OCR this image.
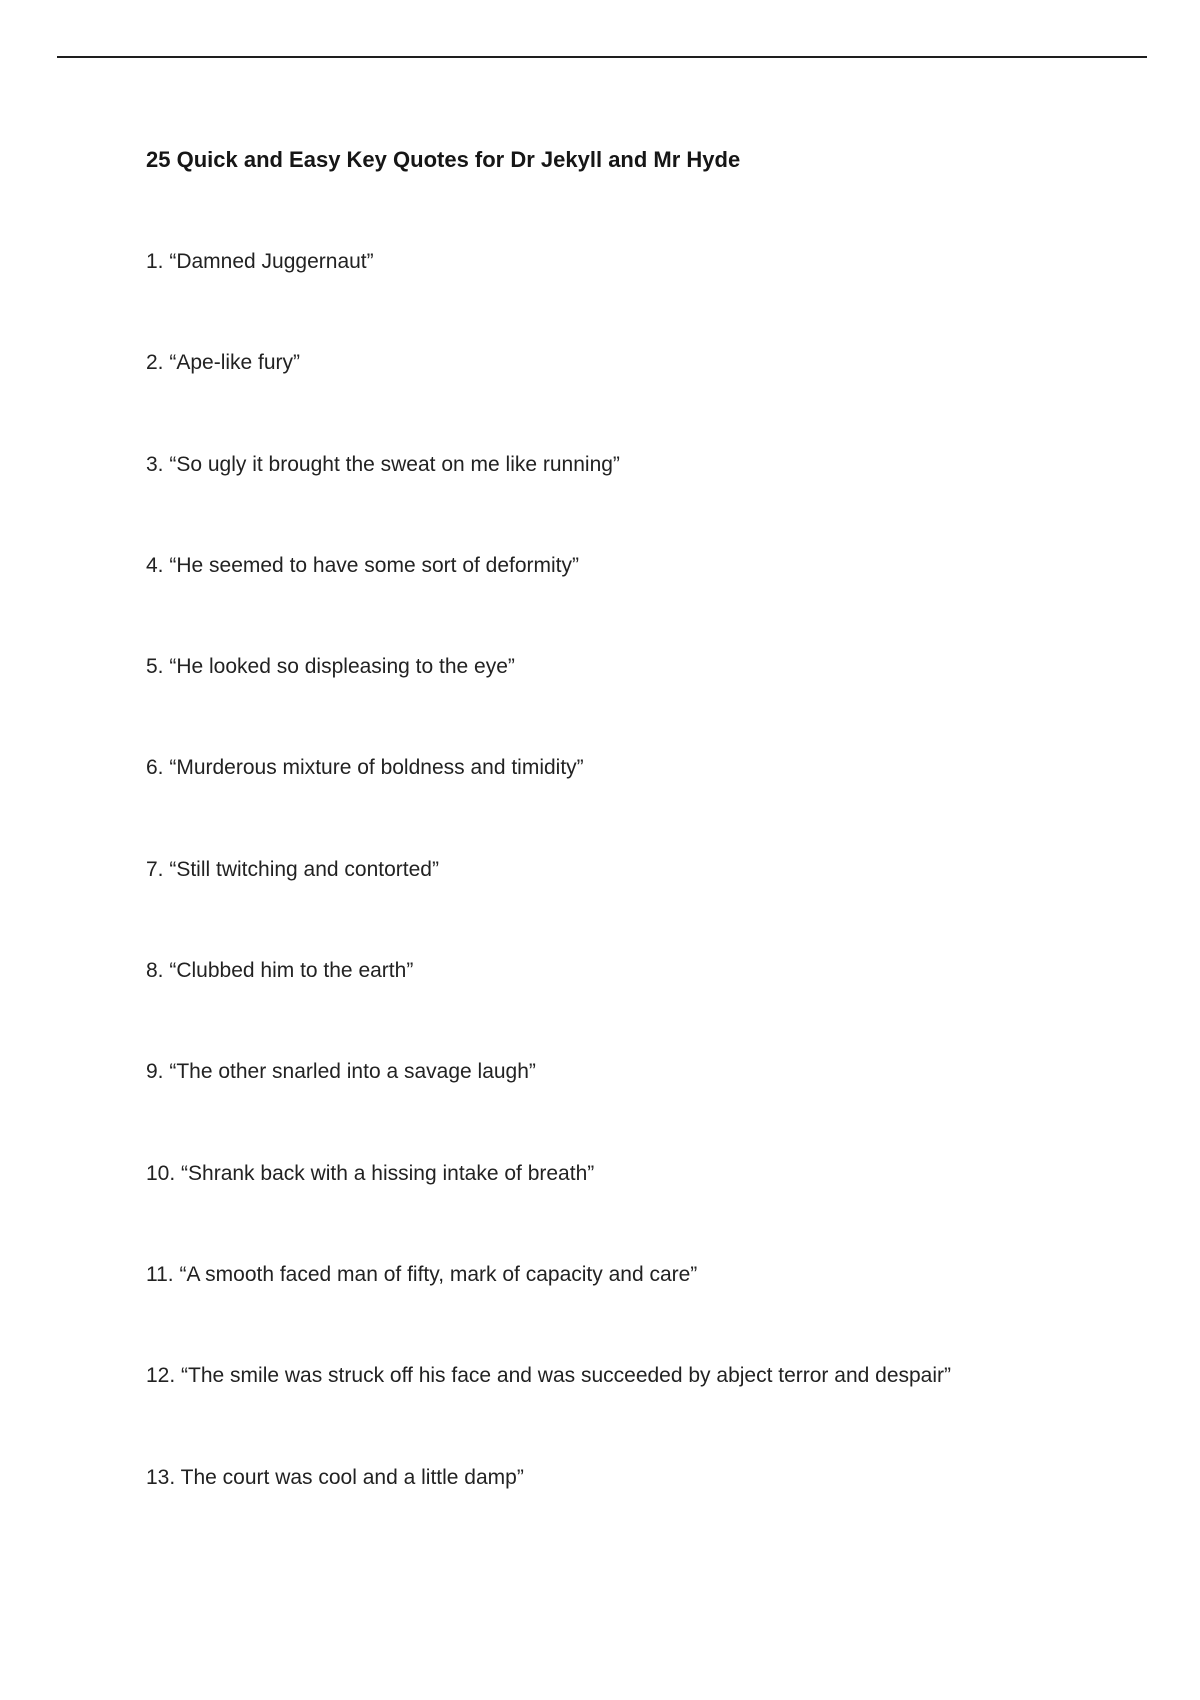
25 Quick and Easy Key Quotes for Dr Jekyll and Mr Hyde
1. “Damned Juggernaut”
2. “Ape-like fury”
3. “So ugly it brought the sweat on me like running”
4. “He seemed to have some sort of deformity”
5. “He looked so displeasing to the eye”
6. “Murderous mixture of boldness and timidity”
7. “Still twitching and contorted”
8. “Clubbed him to the earth”
9. “The other snarled into a savage laugh”
10. “Shrank back with a hissing intake of breath”
11. “A smooth faced man of fifty, mark of capacity and care”
12. “The smile was struck off his face and was succeeded by abject terror and despair”
13. The court was cool and a little damp”
